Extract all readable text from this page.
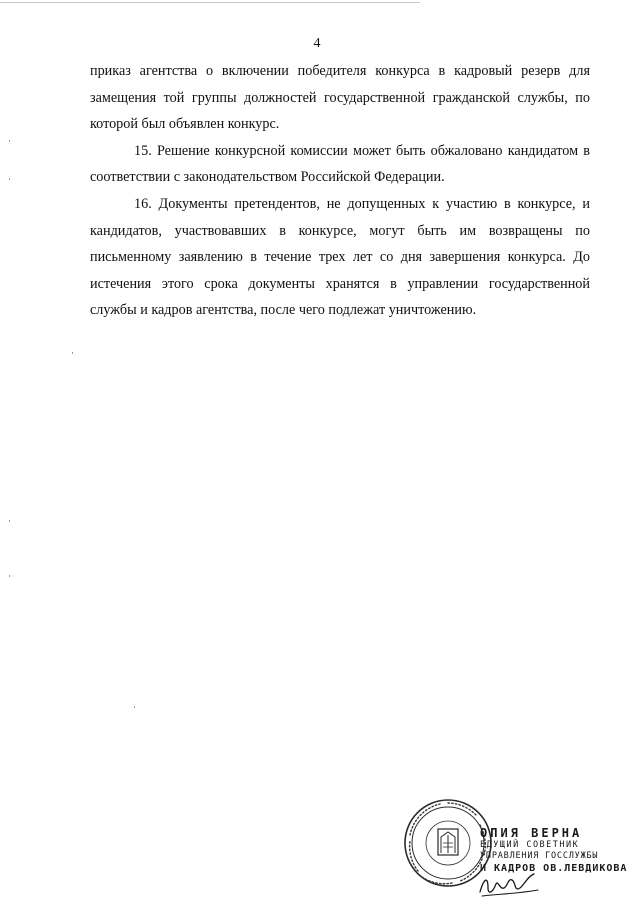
4

приказ агентства о включении победителя конкурса в кадровый резерв для замещения той группы должностей государственной гражданской службы, по которой был объявлен конкурс.

15. Решение конкурсной комиссии может быть обжаловано кандидатом в соответствии с законодательством Российской Федерации.

16. Документы претендентов, не допущенных к участию в конкурсе, и кандидатов, участвовавших в конкурсе, могут быть им возвращены по письменному заявлению в течение трех лет со дня завершения конкурса. До истечения этого срока документы хранятся в управлении государственной службы и кадров агентства, после чего подлежат уничтожению.

ОПИЯ ВЕРНА
ЕДУЩИЙ СОВЕТНИК
УПРАВЛЕНИЯ ГОССЛУЖБЫ
И КАДРОВ ОВ.ЛЕВДИКОВА
